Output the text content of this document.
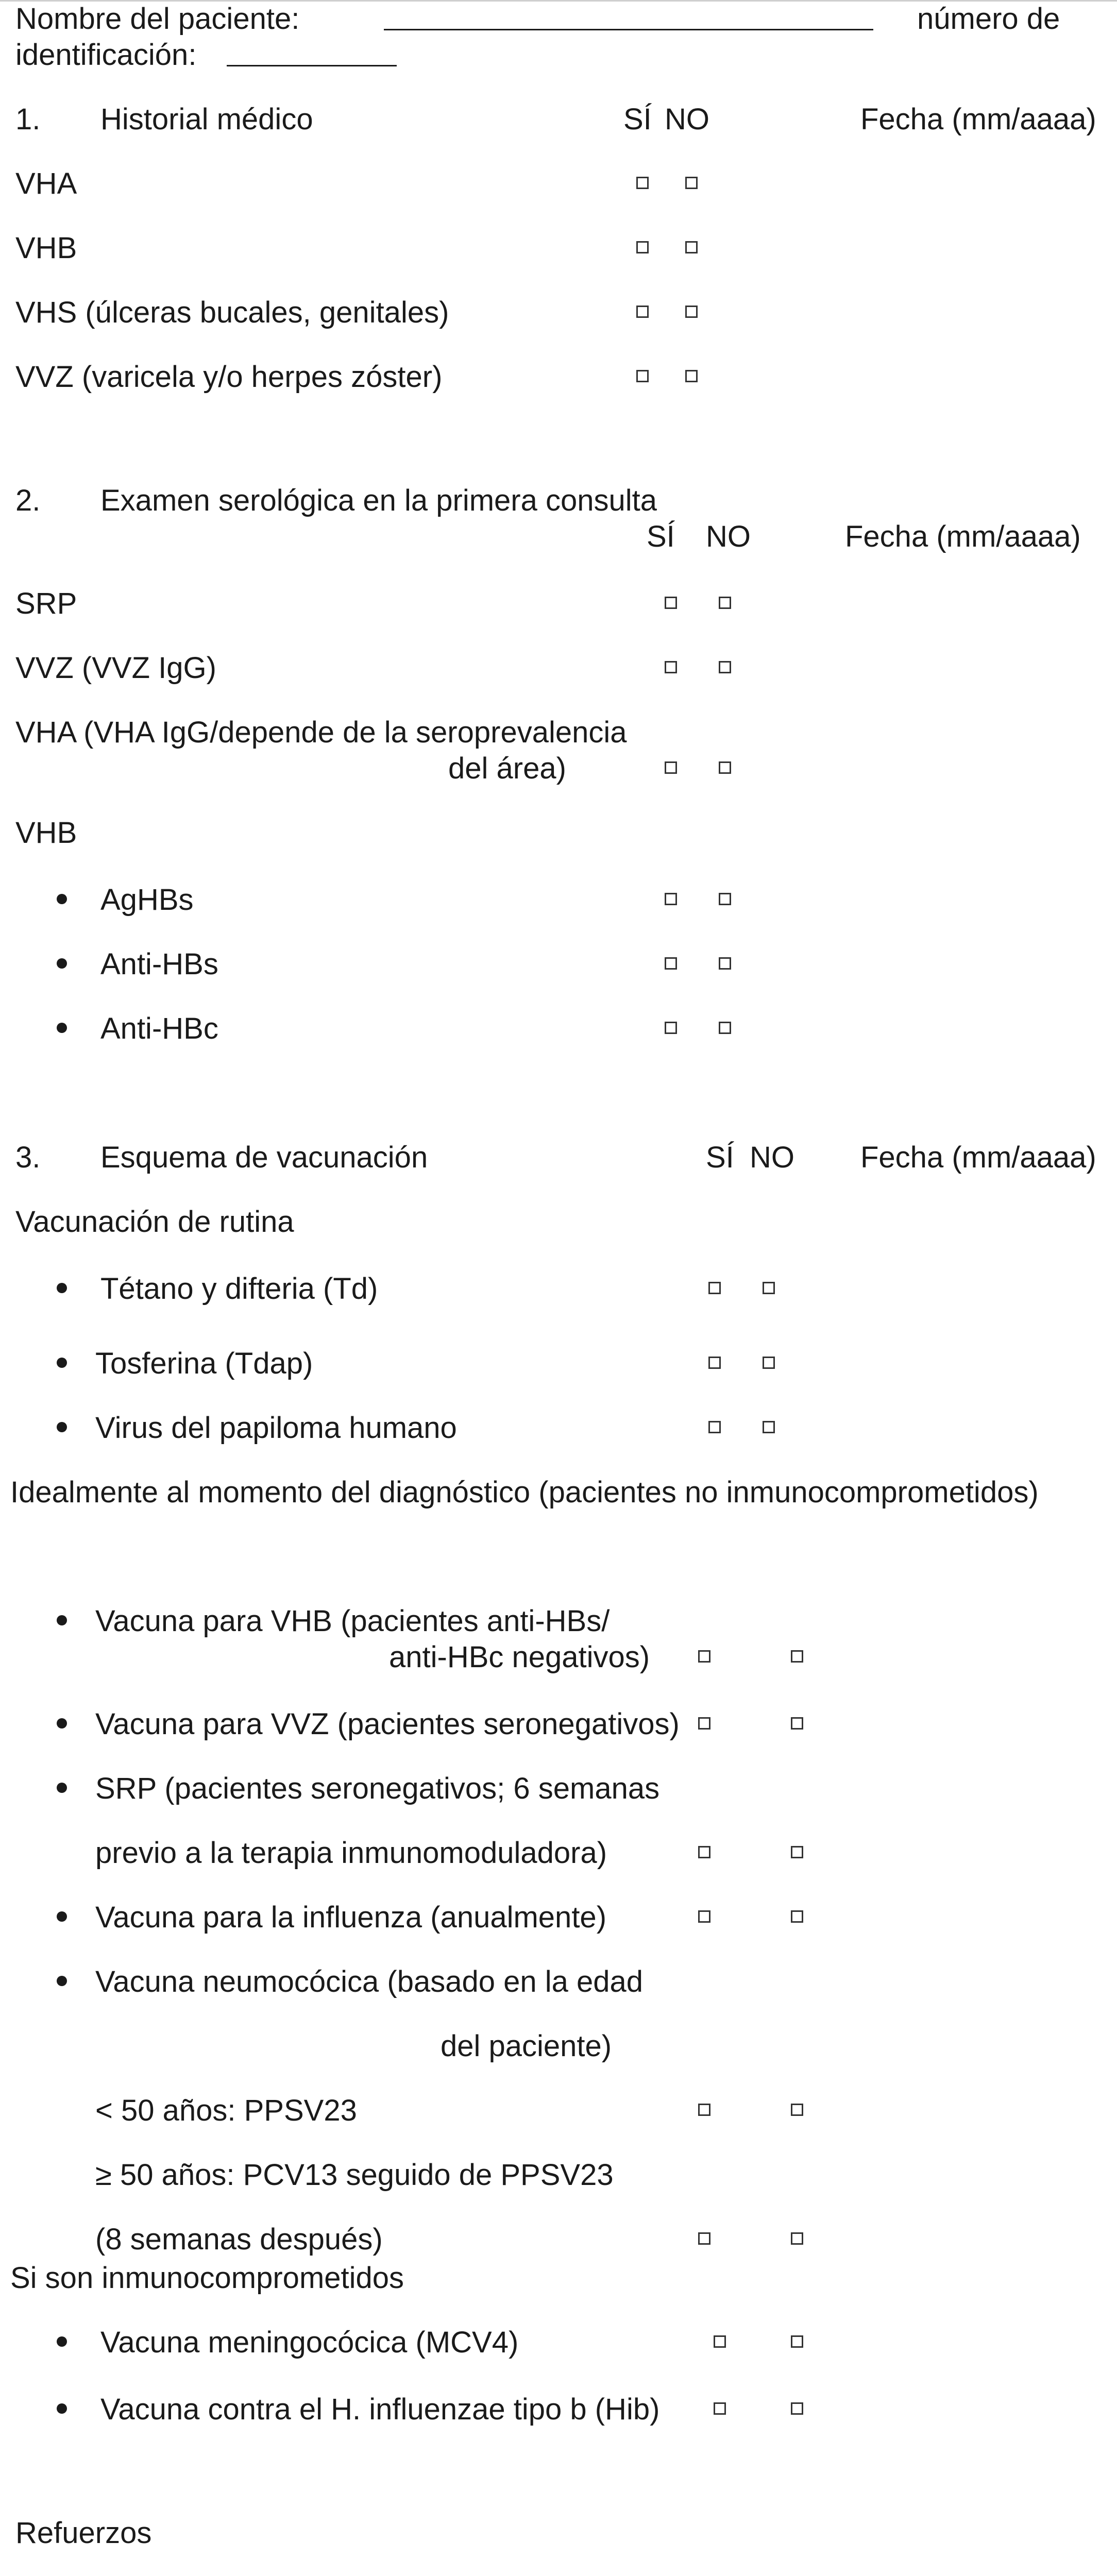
Nombre del paciente:	número de
identificación:
1. Historial médico	SÍ NO	Fecha (mm/aaaa)
VHA
VHB
VHS (úlceras bucales, genitales)
VVZ (varicela y/o herpes zóster)
2. Examen serológica en la primera consulta
SÍ NO	Fecha (mm/aaaa)
SRP
VVZ (VVZ IgG)
VHA (VHA IgG/depende de la seroprevalencia
del área)
VHB
AgHBs
Anti-HBs
Anti-HBc
3. Esquema de vacunación	SÍ NO Fecha (mm/aaaa)
Vacunación de rutina
Tétano y difteria (Td)
Tosferina (Tdap)
Virus del papiloma humano
Idealmente al momento del diagnóstico (pacientes no inmunocomprometidos)
Vacuna para VHB (pacientes anti-HBs/
anti-HBc negativos)
Vacuna para VVZ (pacientes seronegativos)
SRP (pacientes seronegativos; 6 semanas
previo a la terapia inmunomoduladora)
Vacuna para la influenza (anualmente)
Vacuna neumocócica (basado en la edad
del paciente)
< 50 años: PPSV23
≥ 50 años: PCV13 seguido de PPSV23
(8 semanas después)
Si son inmunocomprometidos
Vacuna meningocócica (MCV4)
Vacuna contra el H. influenzae tipo b (Hib)
Refuerzos
